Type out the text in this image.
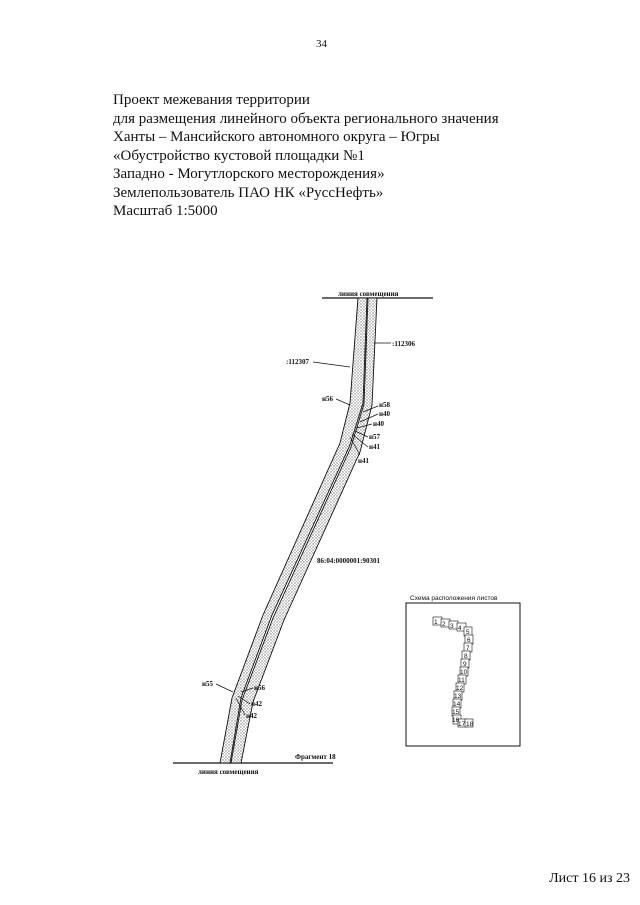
34
Проект межевания территории
для размещения линейного объекта регионального значения
Ханты – Мансийского автономного округа – Югры
«Обустройство кустовой площадки №1
Западно - Могутлорского месторождения»
Землепользователь ПАО НК «РуссНефть»
Масштаб 1:5000
линия совмещения
линия совмещения
:112307
:112306
н56
н58
н40
н40
н57
н41
н41
86:04:0000001:90301
н55	н56
н42
н42
Фрагмент 18
Схема расположения листов
1 2 3 4
5
6
7
8
9
10
11
12
13
14
15
16
17 18
Лист 16 из 23
